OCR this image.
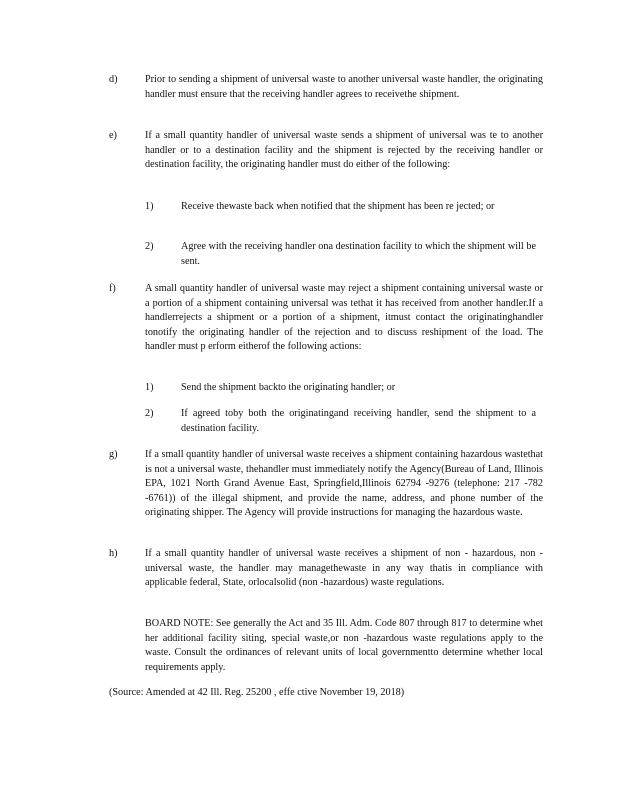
d)	Prior to sending a shipment of universal waste to another universal waste handler, the originating handler must ensure that the receiving handler agrees to receivethe shipment.
e)	If a small quantity handler of universal waste sends a shipment of universal was te to another handler or to a destination facility and the shipment is rejected by the receiving handler or destination facility, the originating handler must do either of the following:
1)	Receive thewaste back when notified that the shipment has been re jected; or
2)	Agree with the receiving handler ona destination facility to which the shipment will be sent.
f)	A small quantity handler of universal waste may reject a shipment containing universal waste or a portion of a shipment containing universal was tethat it has received from another handler.If a handlerrejects a shipment or a portion of a shipment, itmust contact the originatinghandler tonotify the originating handler of the rejection and to discuss reshipment of the load. The handler must p erform eitherof the following actions:
1)	Send the shipment backto the originating handler; or
2)	If agreed toby both the originatingand receiving handler, send the shipment to a destination facility.
g)	If a small quantity handler of universal waste receives a shipment containing hazardous wastethat is not a universal waste, thehandler must immediately notify the Agency(Bureau of Land, Illinois EPA, 1021 North Grand Avenue East, Springfield,Illinois 62794 -9276 (telephone: 217 -782 -6761)) of the illegal shipment, and provide the name, address, and phone number of the originating shipper. The Agency will provide instructions for managing the hazardous waste.
h)	If a small quantity handler of universal waste receives a shipment of non - hazardous, non -universal waste, the handler may managethewaste in any way thatis in compliance with applicable federal, State, orlocalsolid (non -hazardous) waste regulations.
BOARD NOTE: See generally the Act and 35 Ill. Adm. Code 807 through 817 to determine whet her additional facility siting, special waste,or non -hazardous waste regulations apply to the waste. Consult the ordinances of relevant units of local governmentto determine whether local requirements apply.
(Source: Amended at 42 Ill. Reg. 25200 , effe ctive November 19, 2018)
